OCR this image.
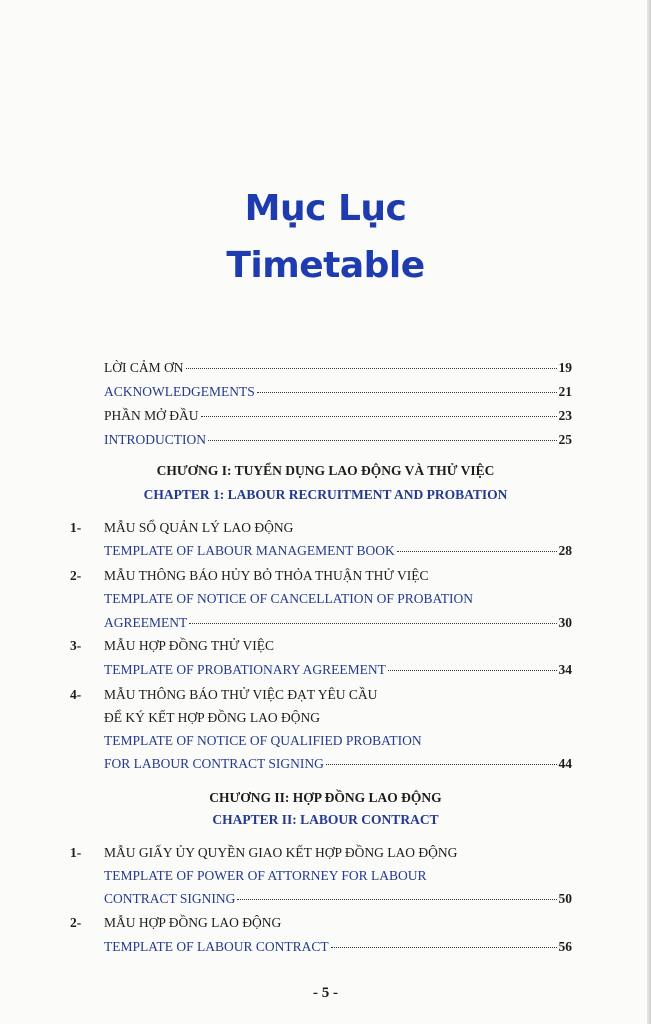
Mục Lục
Timetable
LỜI CẢM ƠN	19
ACKNOWLEDGEMENTS	21
PHẦN MỞ ĐẦU	23
INTRODUCTION	25
CHƯƠNG I: TUYỂN DỤNG LAO ĐỘNG VÀ THỬ VIỆC
CHAPTER 1: LABOUR RECRUITMENT AND PROBATION
1- MẪU SỔ QUẢN LÝ LAO ĐỘNG
TEMPLATE OF LABOUR MANAGEMENT BOOK	28
2- MẪU THÔNG BÁO HỦY BỎ THỎA THUẬN THỬ VIỆC
TEMPLATE OF NOTICE OF CANCELLATION OF PROBATION
AGREEMENT	30
3- MẪU HỢP ĐỒNG THỬ VIỆC
TEMPLATE OF PROBATIONARY AGREEMENT	34
4- MẪU THÔNG BÁO THỬ VIỆC ĐẠT YÊU CẦU
ĐỂ KÝ KẾT HỢP ĐỒNG LAO ĐỘNG
TEMPLATE OF NOTICE OF QUALIFIED PROBATION
FOR LABOUR CONTRACT SIGNING	44
CHƯƠNG II: HỢP ĐỒNG LAO ĐỘNG
CHAPTER II: LABOUR CONTRACT
1- MẪU GIẤY ỦY QUYỀN GIAO KẾT HỢP ĐỒNG LAO ĐỘNG
TEMPLATE OF POWER OF ATTORNEY FOR LABOUR
CONTRACT SIGNING	50
2- MẪU HỢP ĐỒNG LAO ĐỘNG
TEMPLATE OF LABOUR CONTRACT	56
- 5 -
